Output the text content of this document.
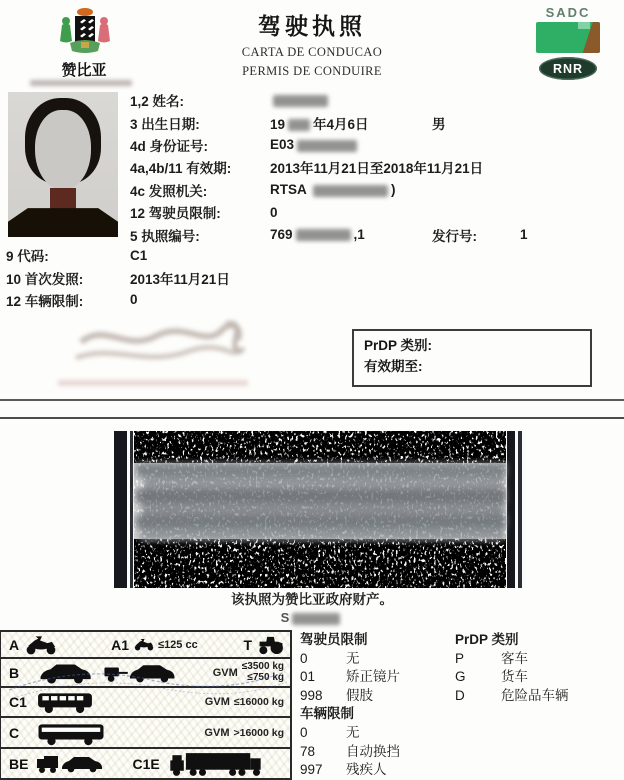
赞比亚
驾驶执照
CARTA DE CONDUCAO
PERMIS DE CONDUIRE
SADC
RNR
1,2 姓名:
3 出生日期:	19 年4月6日	男
4d 身份证号:	E03
4a,4b/11 有效期:	2013年11月21日至2018年11月21日
4c 发照机关:	RTSA	)
12 驾驶员限制:	0
5 执照编号:	769	,1	发行号:	1
9 代码:	C1
10 首次发照:	2013年11月21日
12 车辆限制:	0
PrDP 类别:
有效期至:
该执照为赞比亚政府财产。
S
A	A1	≤125 cc	T
B	GVM ≤3500 kg
≤750 kg
C1	GVM ≤16000 kg
C	GVM >16000 kg
BE	C1E
驾驶员限制
0	无
01	矫正镜片
998	假肢
车辆限制
0	无
78	自动换挡
997	残疾人
PrDP 类别
P	客车
G	货车
D	危险品车辆
